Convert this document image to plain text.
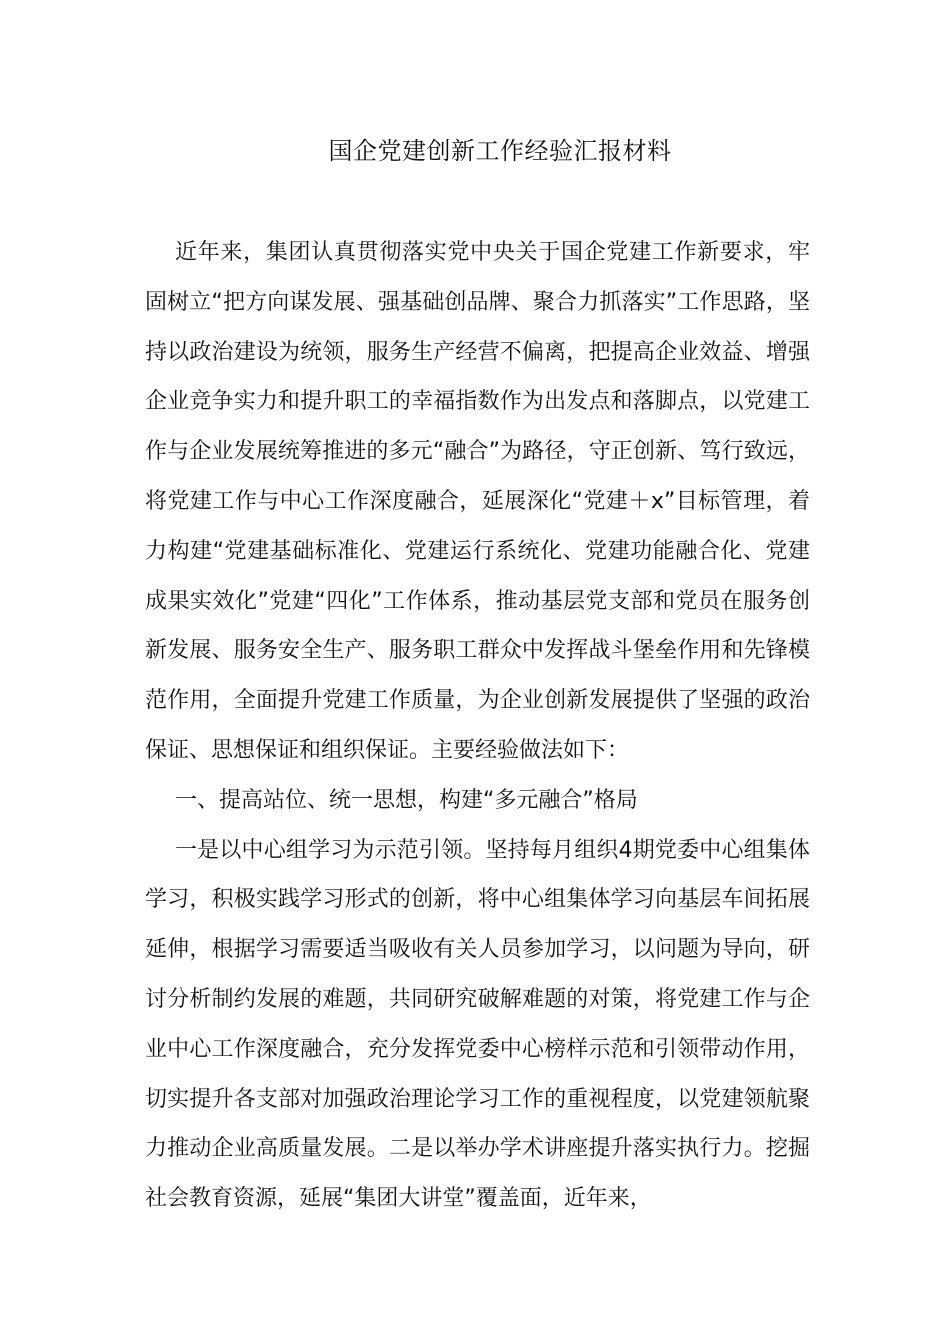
国企党建创新工作经验汇报材料

近年来，集团认真贯彻落实党中央关于国企党建工作新要求，牢固树立“把方向谋发展、强基础创品牌、聚合力抓落实”工作思路，坚持以政治建设为统领，服务生产经营不偏离，把提高企业效益、增强企业竞争实力和提升职工的幸福指数作为出发点和落脚点，以党建工作与企业发展统筹推进的多元“融合”为路径，守正创新、笃行致远，将党建工作与中心工作深度融合，延展深化“党建＋x”目标管理，着力构建“党建基础标准化、党建运行系统化、党建功能融合化、党建成果实效化”党建“四化”工作体系，推动基层党支部和党员在服务创新发展、服务安全生产、服务职工群众中发挥战斗堡垒作用和先锋模范作用，全面提升党建工作质量，为企业创新发展提供了坚强的政治保证、思想保证和组织保证。主要经验做法如下：

一、提高站位、统一思想，构建“多元融合”格局

一是以中心组学习为示范引领。坚持每月组织4期党委中心组集体学习，积极实践学习形式的创新，将中心组集体学习向基层车间拓展延伸，根据学习需要适当吸收有关人员参加学习，以问题为导向，研讨分析制约发展的难题，共同研究破解难题的对策，将党建工作与企业中心工作深度融合，充分发挥党委中心榜样示范和引领带动作用，切实提升各支部对加强政治理论学习工作的重视程度，以党建领航聚力推动企业高质量发展。二是以举办学术讲座提升落实执行力。挖掘社会教育资源，延展“集团大讲堂”覆盖面，近年来，
